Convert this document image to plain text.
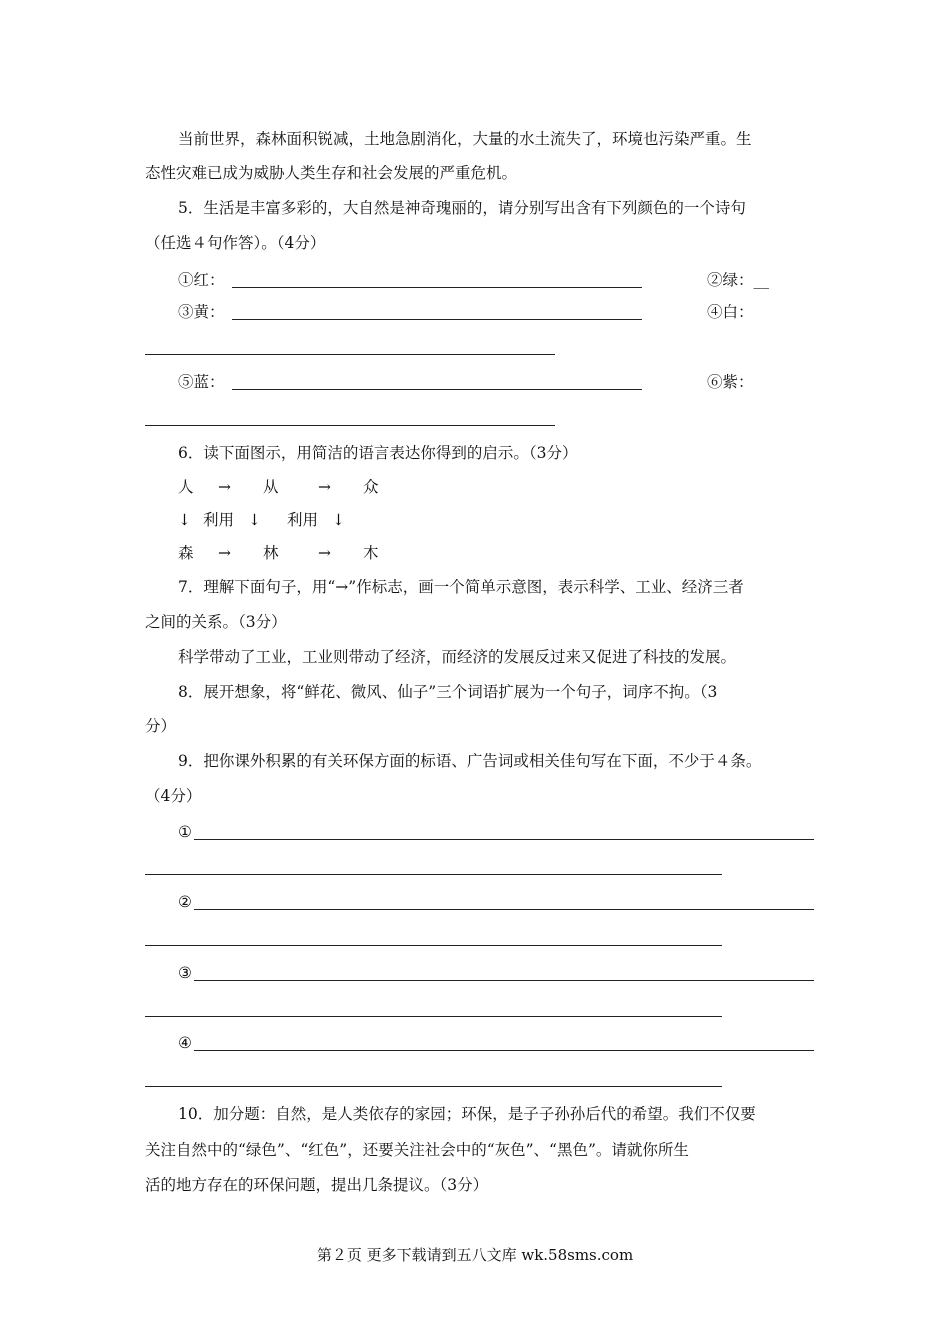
当前世界，森林面积锐减，土地急剧消化，大量的水土流失了，环境也污染严重。生
态性灾难已成为威胁人类生存和社会发展的严重危机。
5．生活是丰富多彩的，大自然是神奇瑰丽的，请分别写出含有下列颜色的一个诗句
（任选４句作答）。（4分）
①红：	②绿：__
③黄：	④白：
⑤蓝：	⑥紫：
6．读下面图示，用简洁的语言表达你得到的启示。（3分）
人 → 从	→ 众
↓ 利用 ↓ 利用 ↓
森 → 林	→ 木
7．理解下面句子，用“→”作标志，画一个简单示意图，表示科学、工业、经济三者
之间的关系。（3分）
科学带动了工业，工业则带动了经济，而经济的发展反过来又促进了科技的发展。
8．展开想象，将“鲜花、微风、仙子”三个词语扩展为一个句子，词序不拘。（3
分）
9．把你课外积累的有关环保方面的标语、广告词或相关佳句写在下面，不少于４条。
（4分）
①
②
③
④
10．加分题：自然，是人类依存的家园；环保，是子子孙孙后代的希望。我们不仅要
关注自然中的“绿色”、“红色”，还要关注社会中的“灰色”、“黑色”。请就你所生
活的地方存在的环保问题，提出几条提议。（3分）
第２页 更多下载请到五八文库 wk.58sms.com
